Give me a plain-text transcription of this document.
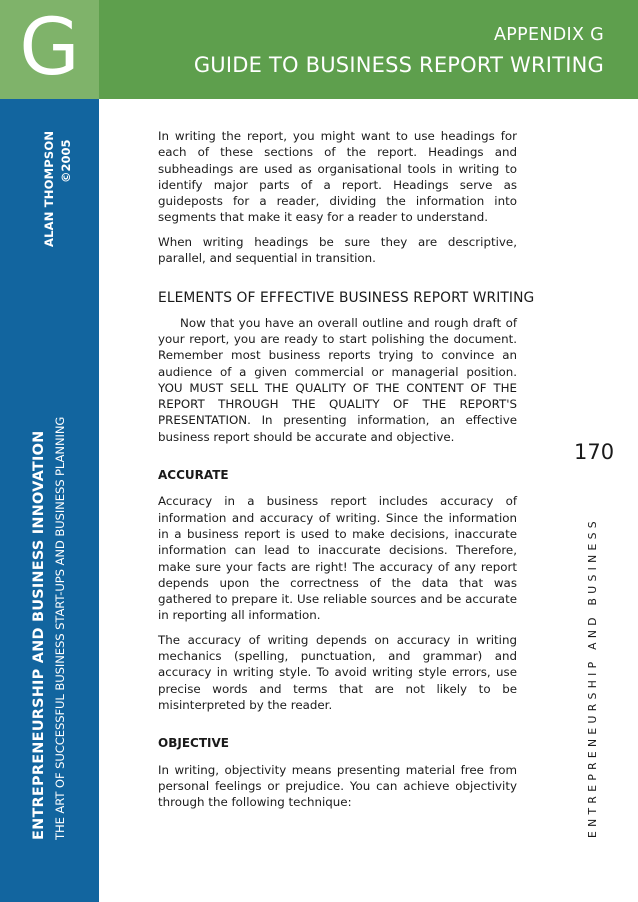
G	APPENDIX G
GUIDE TO BUSINESS REPORT WRITING
ALAN THOMPSON ©2005
ENTREPRENEURSHIP AND BUSINESS INNOVATION THE ART OF SUCCESSFUL BUSINESS START-UPS AND BUSINESS PLANNING	170
ENTREPRENEURSHIP AND BUSINESS

In writing the report, you might want to use headings for each of these sections of the report. Headings and subheadings are used as organisational tools in writing to identify major parts of a report. Headings serve as guideposts for a reader, dividing the information into segments that make it easy for a reader to understand.

When writing headings be sure they are descriptive, parallel, and sequential in transition.

ELEMENTS OF EFFECTIVE BUSINESS REPORT WRITING

Now that you have an overall outline and rough draft of your report, you are ready to start polishing the document. Remember most business reports trying to convince an audience of a given commercial or managerial position. YOU MUST SELL THE QUALITY OF THE CONTENT OF THE REPORT THROUGH THE QUALITY OF THE REPORT'S PRESENTATION. In presenting information, an effective business report should be accurate and objective.

ACCURATE

Accuracy in a business report includes accuracy of information and accuracy of writing. Since the information in a business report is used to make decisions, inaccurate information can lead to inaccurate decisions. Therefore, make sure your facts are right! The accuracy of any report depends upon the correctness of the data that was gathered to prepare it. Use reliable sources and be accurate in reporting all information.

The accuracy of writing depends on accuracy in writing mechanics (spelling, punctuation, and grammar) and accuracy in writing style. To avoid writing style errors, use precise words and terms that are not likely to be misinterpreted by the reader.

OBJECTIVE

In writing, objectivity means presenting material free from personal feelings or prejudice. You can achieve objectivity through the following technique:
